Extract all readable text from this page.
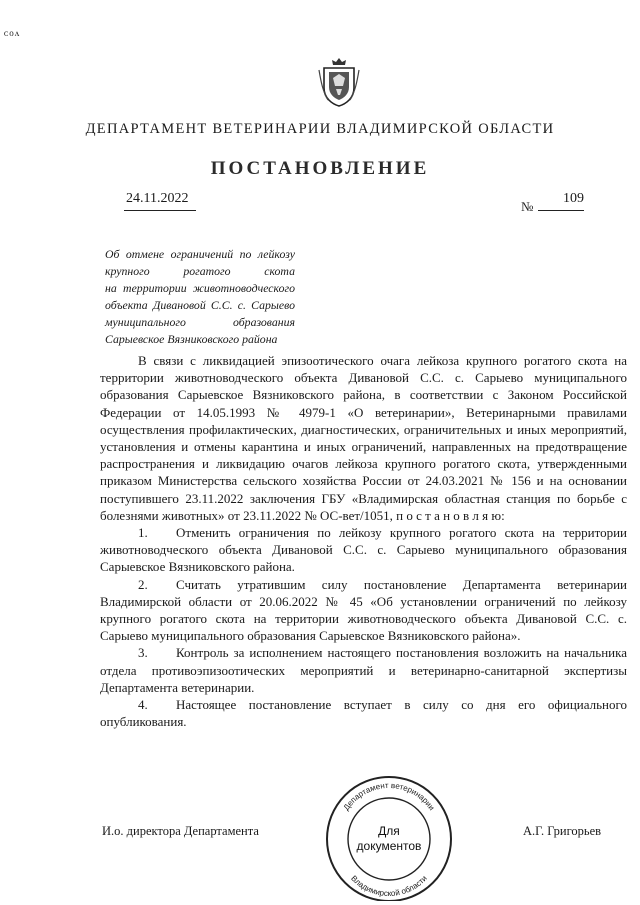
ᴄᴏᴧ
ДЕПАРТАМЕНТ ВЕТЕРИНАРИИ ВЛАДИМИРСКОЙ ОБЛАСТИ
ПОСТАНОВЛЕНИЕ
24.11.2022
№
109
Об отмене ограничений по лейкозу
крупного рогатого скота
на территории животноводческого
объекта Дивановой С.С. с. Сарыево
муниципального образования
Сарыевское Вязниковского района

В связи с ликвидацией эпизоотического очага лейкоза крупного рогатого скота на территории животноводческого объекта Дивановой С.С. с. Сарыево муниципального образования Сарыевское Вязниковского района, в соответствии с Законом Российской Федерации от 14.05.1993 № 4979-1 «О ветеринарии», Ветеринарными правилами осуществления профилактических, диагностических, ограничительных и иных мероприятий, установления и отмены карантина и иных ограничений, направленных на предотвращение распространения и ликвидацию очагов лейкоза крупного рогатого скота, утвержденными приказом Министерства сельского хозяйства России от 24.03.2021 № 156 и на основании поступившего 23.11.2022 заключения ГБУ «Владимирская областная станция по борьбе с болезнями животных» от 23.11.2022 № ОС-вет/1051, п о с т а н о в л я ю:

1. Отменить ограничения по лейкозу крупного рогатого скота на территории животноводческого объекта Дивановой С.С. с. Сарыево муниципального образования Сарыевское Вязниковского района.

2. Считать утратившим силу постановление Департамента ветеринарии Владимирской области от 20.06.2022 № 45 «Об установлении ограничений по лейкозу крупного рогатого скота на территории животноводческого объекта Дивановой С.С. с. Сарыево муниципального образования Сарыевское Вязниковского района».

3. Контроль за исполнением настоящего постановления возложить на начальника отдела противоэпизоотических мероприятий и ветеринарно-санитарной экспертизы Департамента ветеринарии.

4. Настоящее постановление вступает в силу со дня его официального опубликования.

И.о. директора Департамента	А.Г. Григорьев
Департамент ветеринарии
Владимирской области
Для
документов
